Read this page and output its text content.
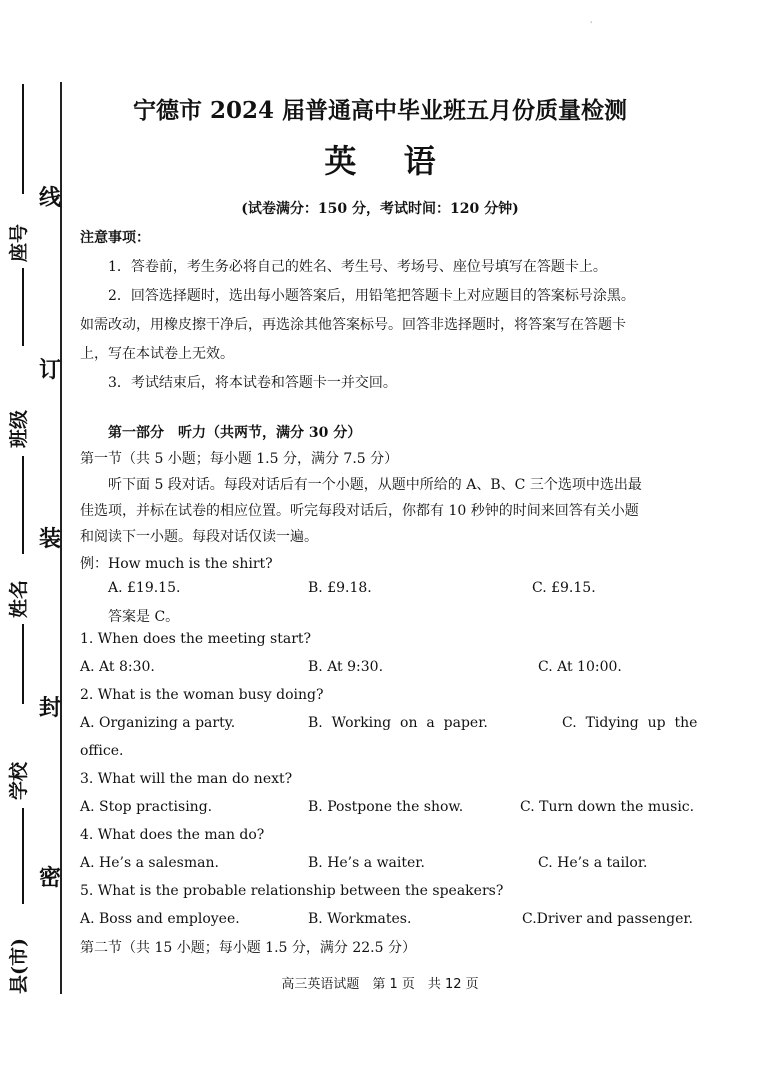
'
线
订
装
封
密
座号
班级
姓名
学校
县(市)
宁德市 2024 届普通高中毕业班五月份质量检测
英 语
(试卷满分：150 分，考试时间：120 分钟)
注意事项：
1．答卷前，考生务必将自己的姓名、考生号、考场号、座位号填写在答题卡上。
2．回答选择题时，选出每小题答案后，用铅笔把答题卡上对应题目的答案标号涂黑。
如需改动，用橡皮擦干净后，再选涂其他答案标号。回答非选择题时，将答案写在答题卡
上，写在本试卷上无效。
3．考试结束后，将本试卷和答题卡一并交回。
第一部分　听力（共两节，满分 30 分）
第一节（共 5 小题；每小题 1.5 分，满分 7.5 分）
听下面 5 段对话。每段对话后有一个小题，从题中所给的 A、B、C 三个选项中选出最
佳选项，并标在试卷的相应位置。听完每段对话后，你都有 10 秒钟的时间来回答有关小题
和阅读下一小题。每段对话仅读一遍。
例：How much is the shirt?
A. £19.15.	B. £9.18.	C. £9.15.
答案是 C。
1. When does the meeting start?
A. At 8:30.	B. At 9:30.	C. At 10:00.
2. What is the woman busy doing?
A. Organizing a party.	B.  Working  on  a  paper.	C.  Tidying  up  the
office.
3. What will the man do next?
A. Stop practising.	B. Postpone the show.	C. Turn down the music.
4. What does the man do?
A. He’s a salesman.	B. He’s a waiter.	C. He’s a tailor.
5. What is the probable relationship between the speakers?
A. Boss and employee.	B. Workmates.	C.Driver and passenger.
第二节（共 15 小题；每小题 1.5 分，满分 22.5 分）
高三英语试题　第 1 页　共 12 页
